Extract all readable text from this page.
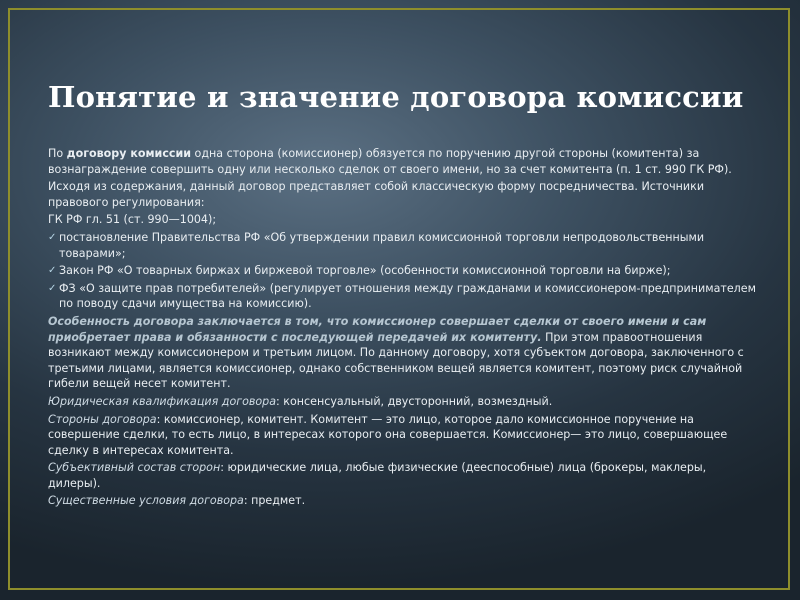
Понятие и значение договора комиссии

По договору комиссии одна сторона (комиссионер) обязуется по поручению другой стороны (комитента) за вознаграждение совершить одну или несколько сделок от своего имени, но за счет комитента (п. 1 ст. 990 ГК РФ).

Исходя из содержания, данный договор представляет собой классическую форму посредничества. Источники правового регулирования:

ГК РФ гл. 51 (ст. 990—1004);

✓ постановление Правительства РФ «Об утверждении правил комиссионной торговли непродовольственными товарами»;
✓ Закон РФ «О товарных биржах и биржевой торговле» (особенности комиссионной торговли на бирже);
✓ ФЗ «О защите прав потребителей» (регулирует отношения между гражданами и комиссионером-предпринимателем по поводу сдачи имущества на комиссию).

Особенность договора заключается в том, что комиссионер совершает сделки от своего имени и сам приобретает права и обязанности с последующей передачей их комитенту. При этом правоотношения возникают между комиссионером и третьим лицом. По данному договору, хотя субъектом договора, заключенного с третьими лицами, является комиссионер, однако собственником вещей является комитент, поэтому риск случайной гибели вещей несет комитент.

Юридическая квалификация договора: консенсуальный, двусторонний, возмездный.

Стороны договора: комиссионер, комитент. Комитент — это лицо, которое дало комиссионное поручение на совершение сделки, то есть лицо, в интересах которого она совершается. Комиссионер— это лицо, совершающее сделку в интересах комитента.

Субъективный состав сторон: юридические лица, любые физические (дееспособные) лица (брокеры, маклеры, дилеры).

Существенные условия договора: предмет.
